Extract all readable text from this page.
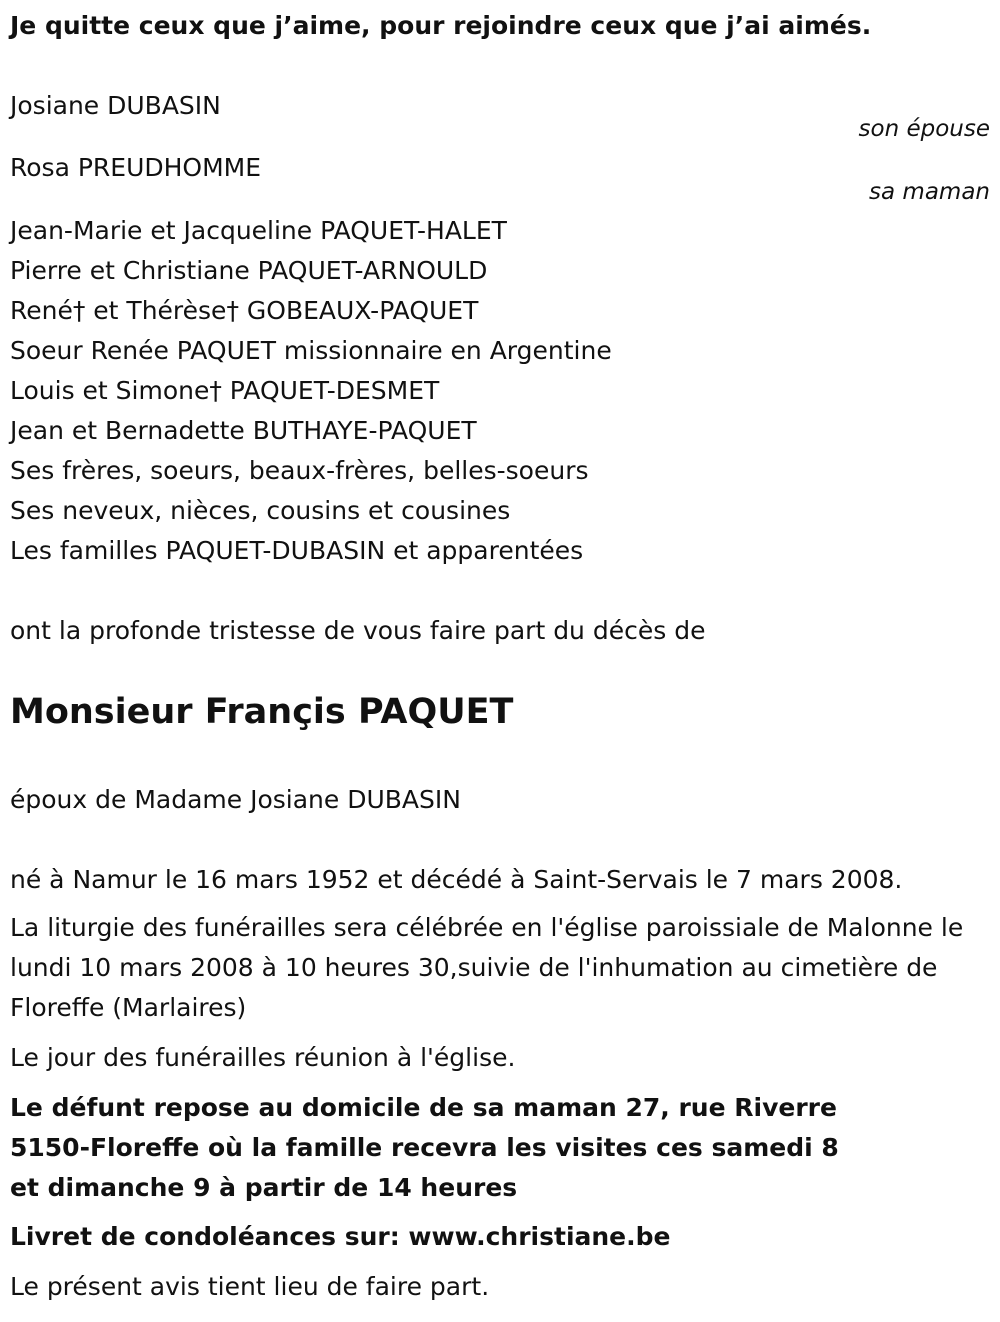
Je quitte ceux que j’aime, pour rejoindre ceux que j’ai aimés.

Josiane DUBASIN

son épouse

Rosa PREUDHOMME

sa maman

Jean-Marie et Jacqueline PAQUET-HALET

Pierre et Christiane PAQUET-ARNOULD

René† et Thérèse† GOBEAUX-PAQUET

Soeur Renée PAQUET missionnaire en Argentine

Louis et Simone† PAQUET-DESMET

Jean et Bernadette BUTHAYE-PAQUET

Ses frères, soeurs, beaux-frères, belles-soeurs

Ses neveux, nièces, cousins et cousines

Les familles PAQUET-DUBASIN et apparentées

ont la profonde tristesse de vous faire part du décès de

Monsieur Françis PAQUET

époux de Madame Josiane DUBASIN

né à Namur le 16 mars 1952 et décédé à Saint-Servais le 7 mars 2008.

La liturgie des funérailles sera célébrée en l'église paroissiale de Malonne le lundi 10 mars 2008 à 10 heures 30,suivie de l'inhumation au cimetière de Floreffe (Marlaires)

Le jour des funérailles réunion à l'église.

Le défunt repose au domicile de sa maman 27, rue Riverre 5150-Floreffe où la famille recevra les visites ces samedi 8 et dimanche 9 à partir de 14 heures

Livret de condoléances sur: www.christiane.be

Le présent avis tient lieu de faire part.
